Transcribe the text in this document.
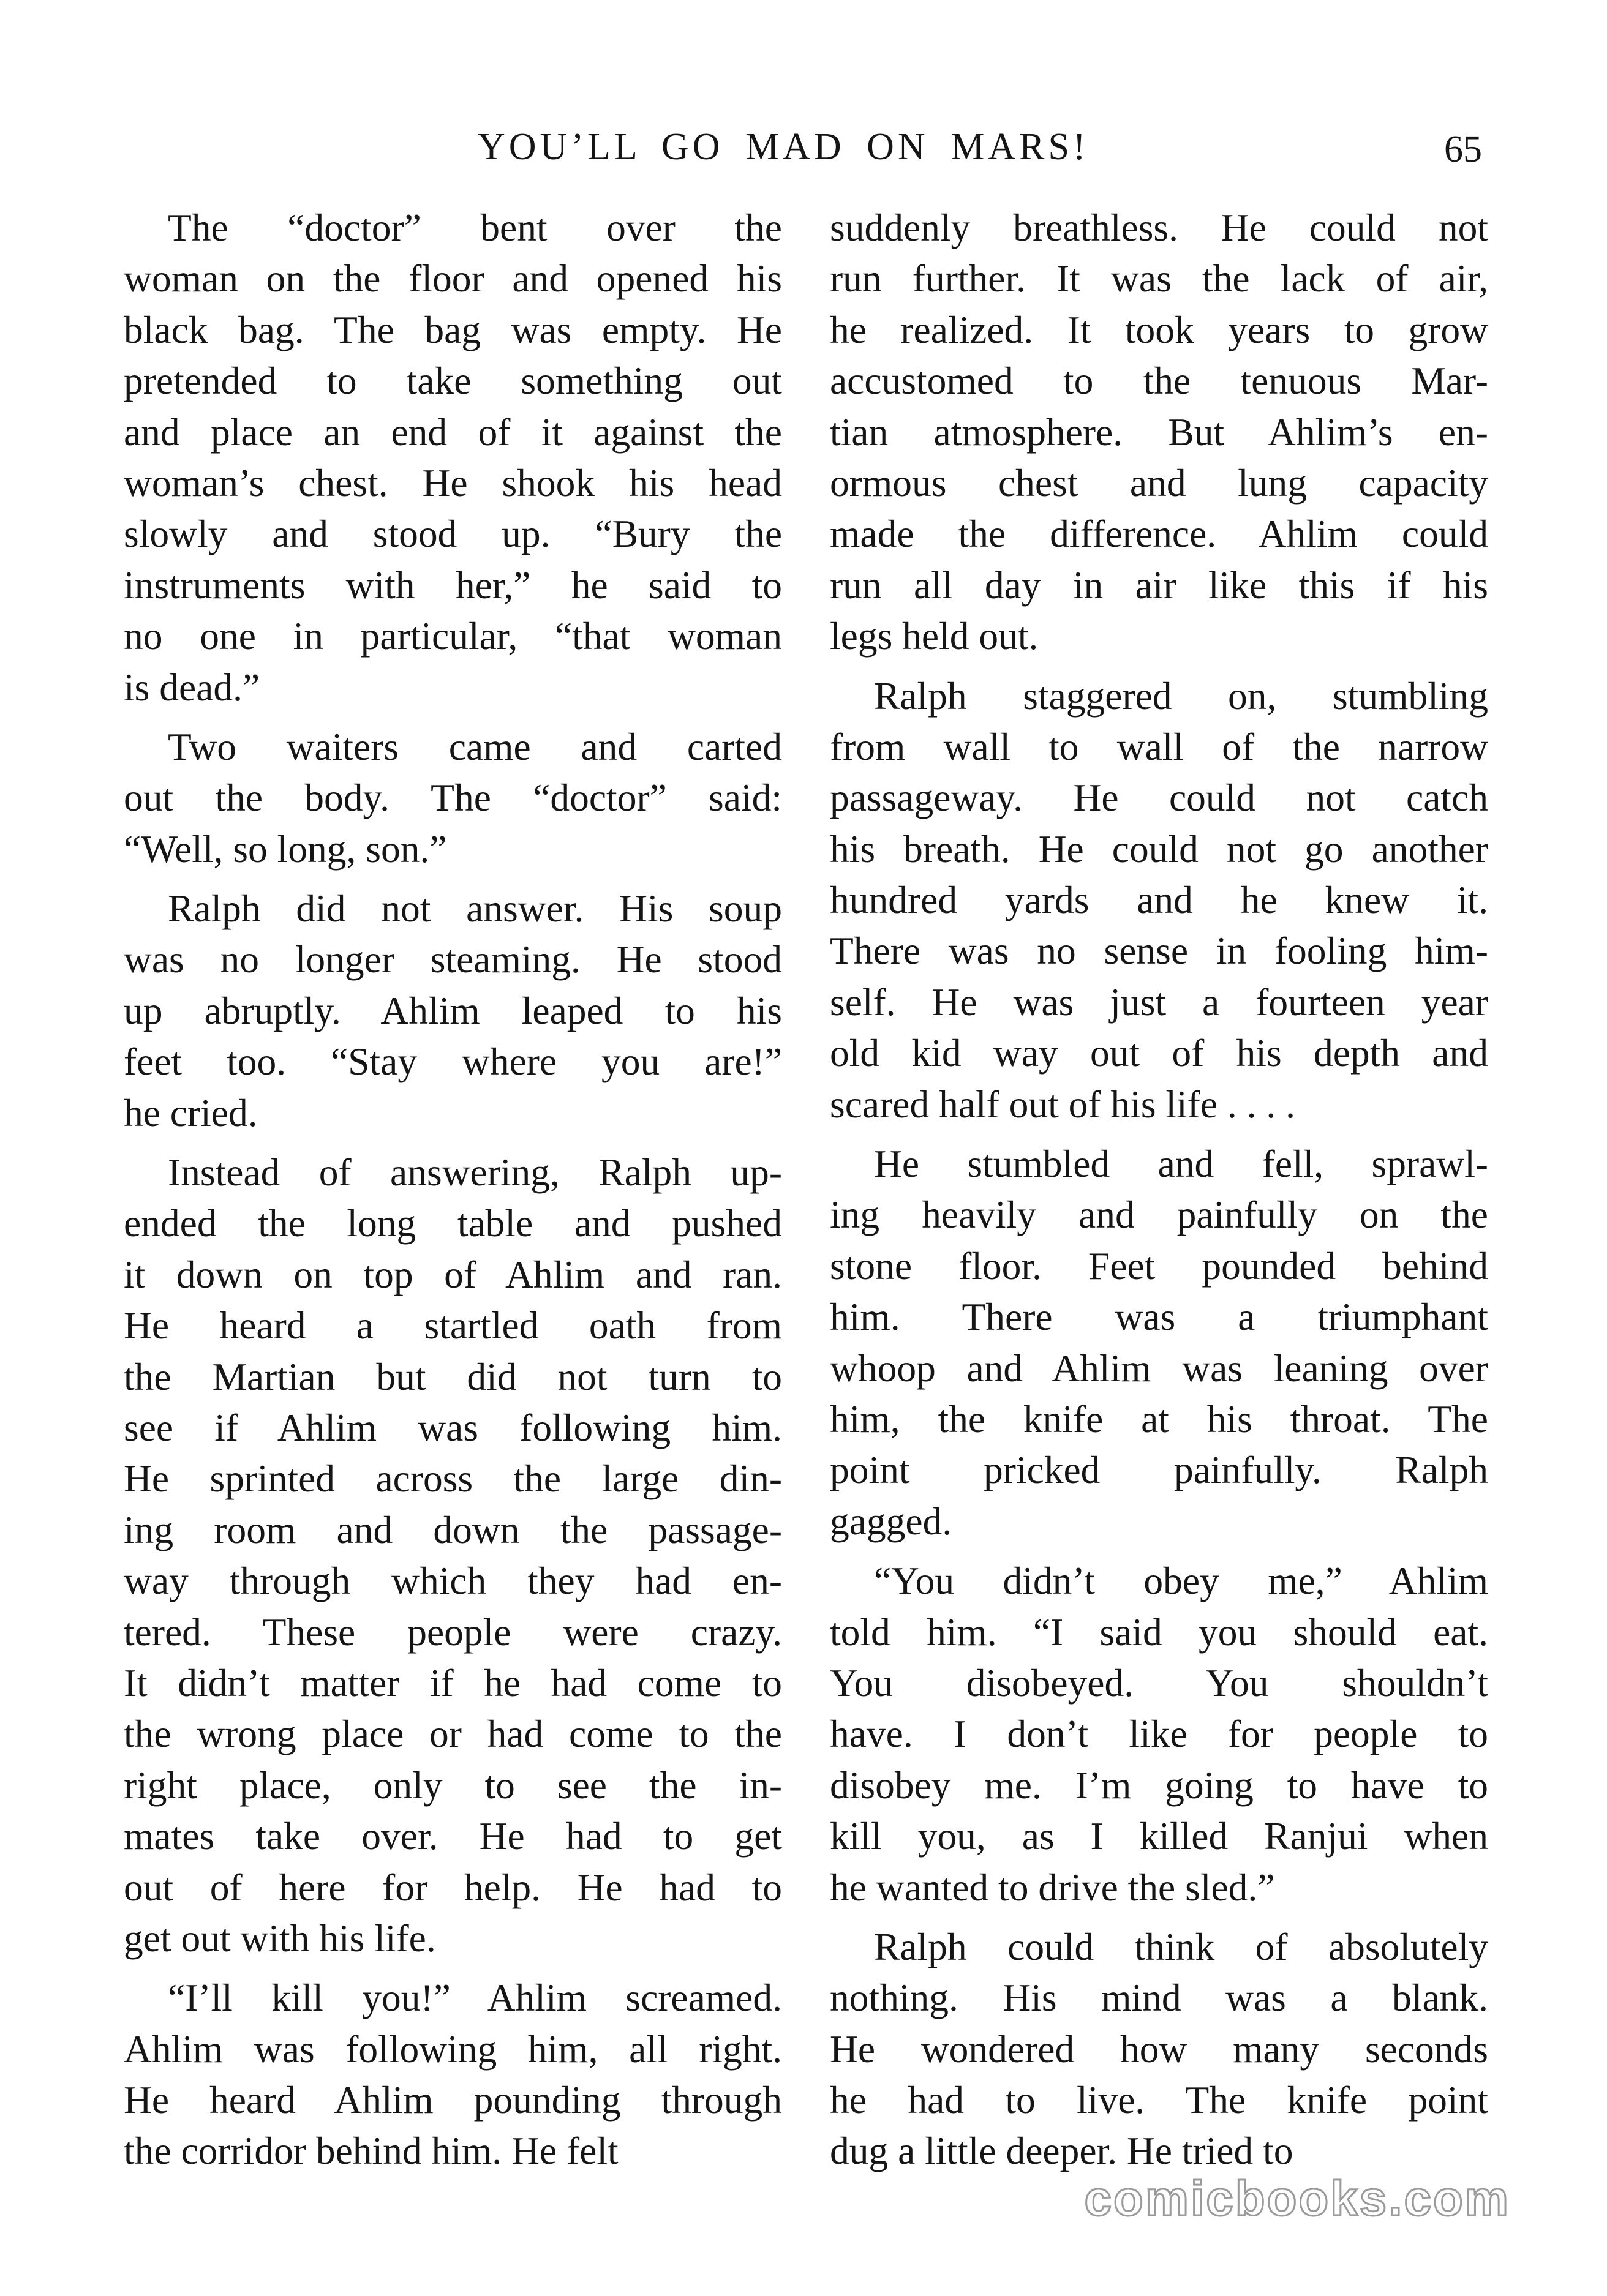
YOU’LL GO MAD ON MARS!	65
The “doctor” bent over the
woman on the floor and opened his
black bag. The bag was empty. He
pretended to take something out
and place an end of it against the
woman’s chest. He shook his head
slowly and stood up. “Bury the
instruments with her,” he said to
no one in particular, “that woman
is dead.”
Two waiters came and carted
out the body. The “doctor” said:
“Well, so long, son.”
Ralph did not answer. His soup
was no longer steaming. He stood
up abruptly. Ahlim leaped to his
feet too. “Stay where you are!”
he cried.
Instead of answering, Ralph up-
ended the long table and pushed
it down on top of Ahlim and ran.
He heard a startled oath from
the Martian but did not turn to
see if Ahlim was following him.
He sprinted across the large din-
ing room and down the passage-
way through which they had en-
tered. These people were crazy.
It didn’t matter if he had come to
the wrong place or had come to the
right place, only to see the in-
mates take over. He had to get
out of here for help. He had to
get out with his life.
“I’ll kill you!” Ahlim screamed.
Ahlim was following him, all right.
He heard Ahlim pounding through
the corridor behind him. He felt
suddenly breathless. He could not
run further. It was the lack of air,
he realized. It took years to grow
accustomed to the tenuous Mar-
tian atmosphere. But Ahlim’s en-
ormous chest and lung capacity
made the difference. Ahlim could
run all day in air like this if his
legs held out.
Ralph staggered on, stumbling
from wall to wall of the narrow
passageway. He could not catch
his breath. He could not go another
hundred yards and he knew it.
There was no sense in fooling him-
self. He was just a fourteen year
old kid way out of his depth and
scared half out of his life . . . .
He stumbled and fell, sprawl-
ing heavily and painfully on the
stone floor. Feet pounded behind
him. There was a triumphant
whoop and Ahlim was leaning over
him, the knife at his throat. The
point pricked painfully. Ralph
gagged.
“You didn’t obey me,” Ahlim
told him. “I said you should eat.
You disobeyed. You shouldn’t
have. I don’t like for people to
disobey me. I’m going to have to
kill you, as I killed Ranjui when
he wanted to drive the sled.”
Ralph could think of absolutely
nothing. His mind was a blank.
He wondered how many seconds
he had to live. The knife point
dug a little deeper. He tried to
comicbooks.com
